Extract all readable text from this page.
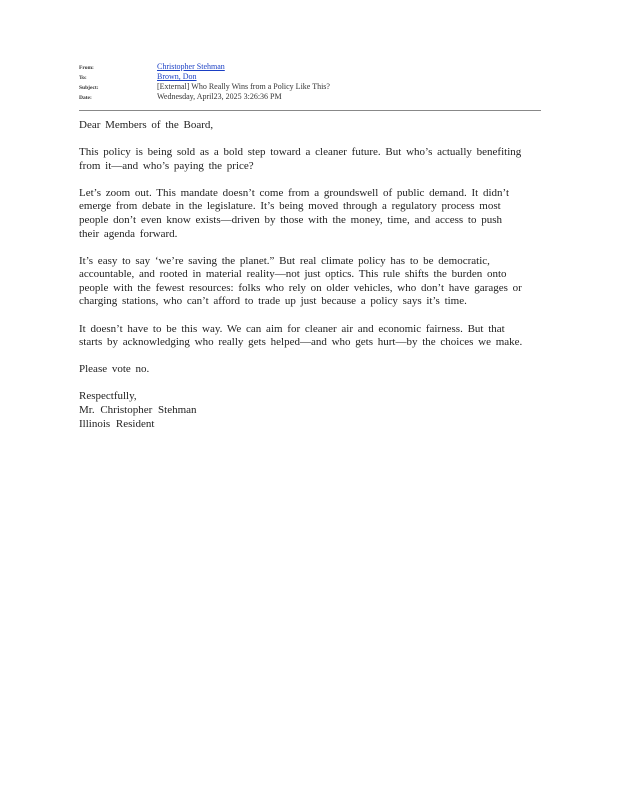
From:	Christopher Stehman
To:	Brown, Don
Subject:	[External] Who Really Wins from a Policy Like This?
Date:	Wednesday, April23, 2025 3:26:36 PM

Dear Members of the Board,

This policy is being sold as a bold step toward a cleaner future. But who’s actually benefiting
from it—and who’s paying the price?

Let’s zoom out. This mandate doesn’t come from a groundswell of public demand. It didn’t
emerge from debate in the legislature. It’s being moved through a regulatory process most
people don’t even know exists—driven by those with the money, time, and access to push
their agenda forward.

It’s easy to say ‘we’re saving the planet.” But real climate policy has to be democratic,
accountable, and rooted in material reality—not just optics. This rule shifts the burden onto
people with the fewest resources: folks who rely on older vehicles, who don’t have garages or
charging stations, who can’t afford to trade up just because a policy says it’s time.

It doesn’t have to be this way. We can aim for cleaner air and economic fairness. But that
starts by acknowledging who really gets helped—and who gets hurt—by the choices we make.

Please vote no.

Respectfully,
Mr. Christopher Stehman
Illinois Resident
